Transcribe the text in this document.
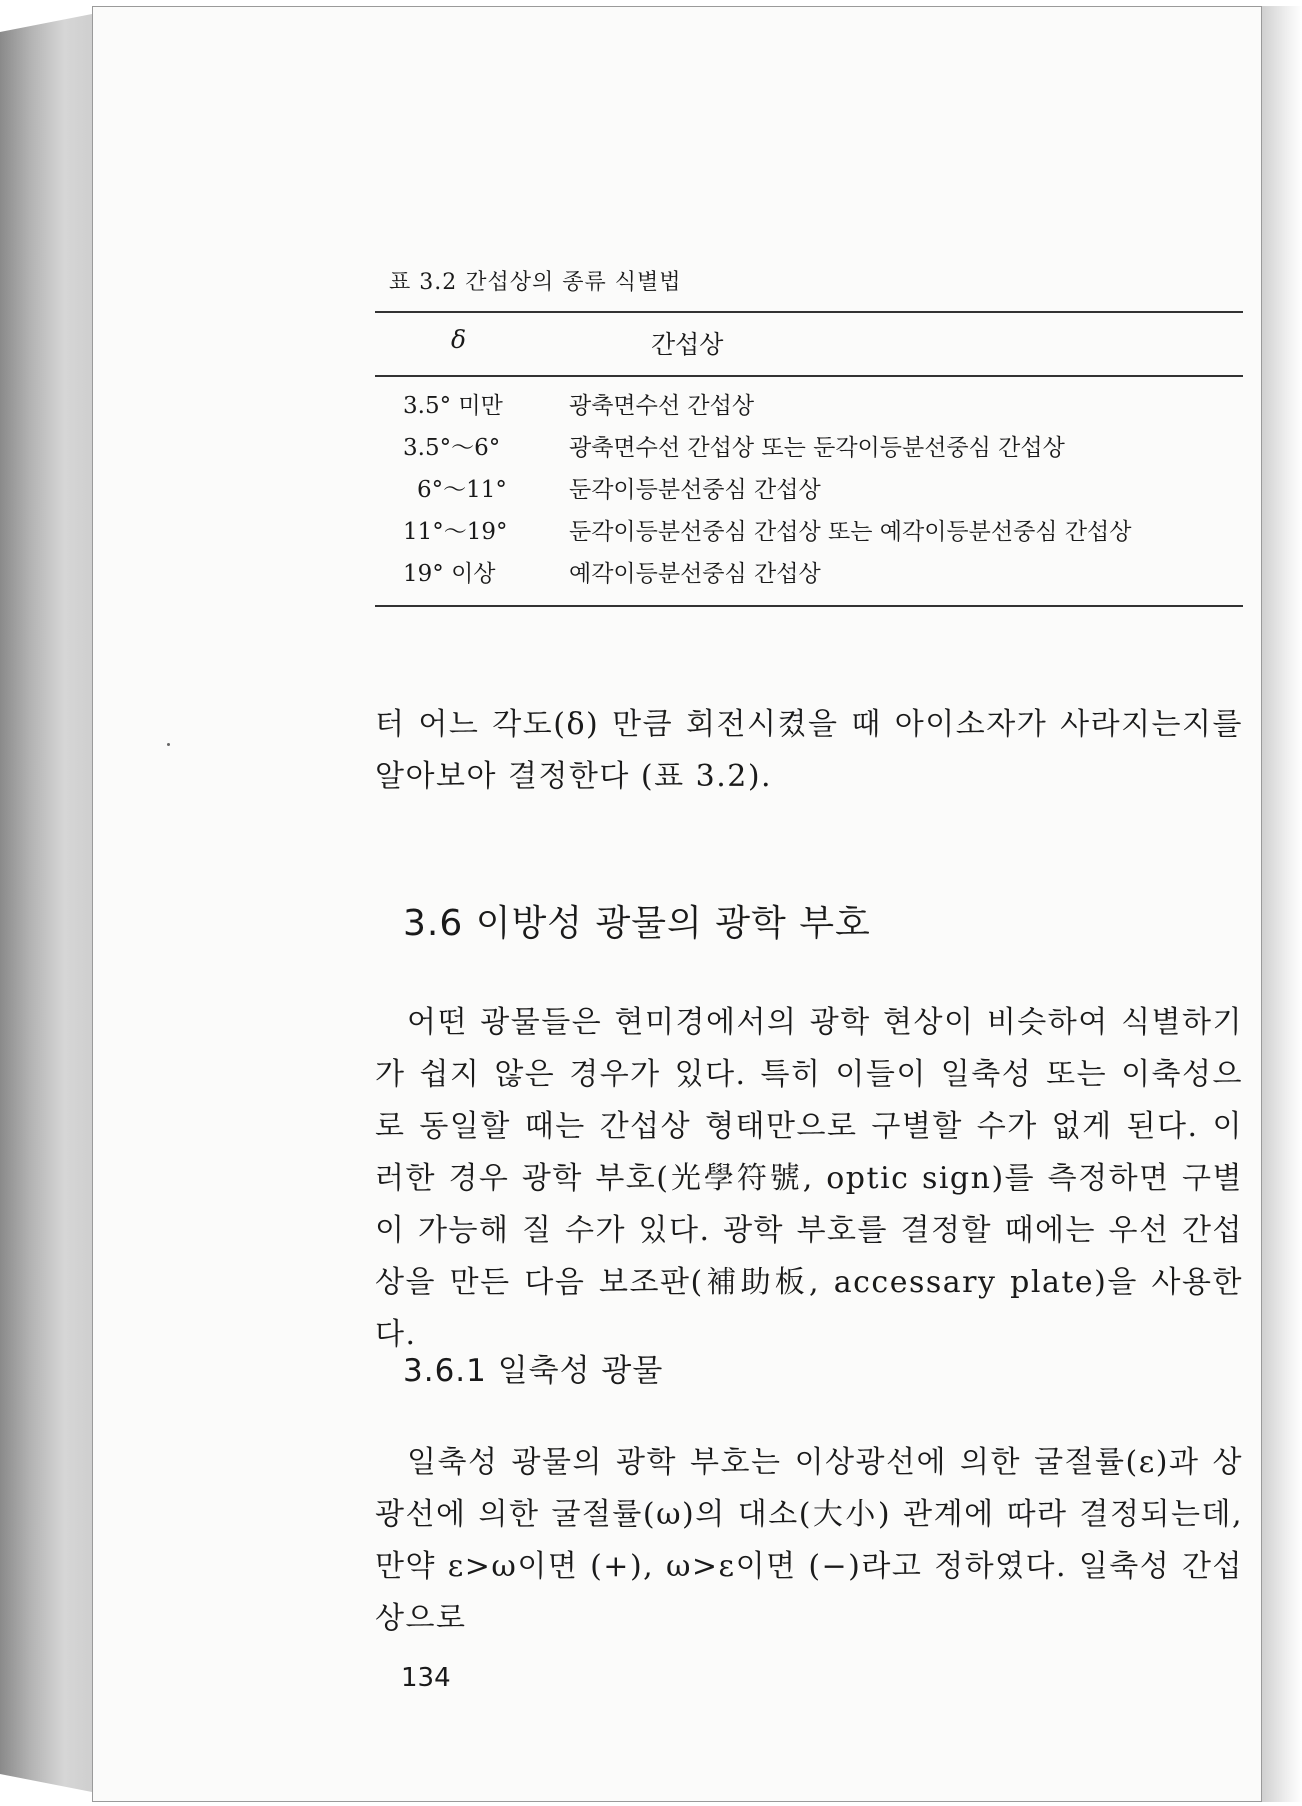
표 3.2 간섭상의 종류 식별법
δ	간섭상
3.5° 미만	광축면수선 간섭상
3.5°～6°	광축면수선 간섭상 또는 둔각이등분선중심 간섭상
6°～11°	둔각이등분선중심 간섭상
11°～19°	둔각이등분선중심 간섭상 또는 예각이등분선중심 간섭상
19° 이상	예각이등분선중심 간섭상
터 어느 각도(δ) 만큼 회전시켰을 때 아이소자가 사라지는지를 알아보아 결정한다 (표 3.2).
3.6 이방성 광물의 광학 부호
어떤 광물들은 현미경에서의 광학 현상이 비슷하여 식별하기가 쉽지 않은 경우가 있다. 특히 이들이 일축성 또는 이축성으로 동일할 때는 간섭상 형태만으로 구별할 수가 없게 된다. 이러한 경우 광학 부호(光學符號, optic sign)를 측정하면 구별이 가능해 질 수가 있다. 광학 부호를 결정할 때에는 우선 간섭상을 만든 다음 보조판(補助板, accessary plate)을 사용한다.
3.6.1 일축성 광물
일축성 광물의 광학 부호는 이상광선에 의한 굴절률(ε)과 상광선에 의한 굴절률(ω)의 대소(大小) 관계에 따라 결정되는데, 만약 ε>ω이면 (+), ω>ε이면 (−)라고 정하였다. 일축성 간섭상으로
134
